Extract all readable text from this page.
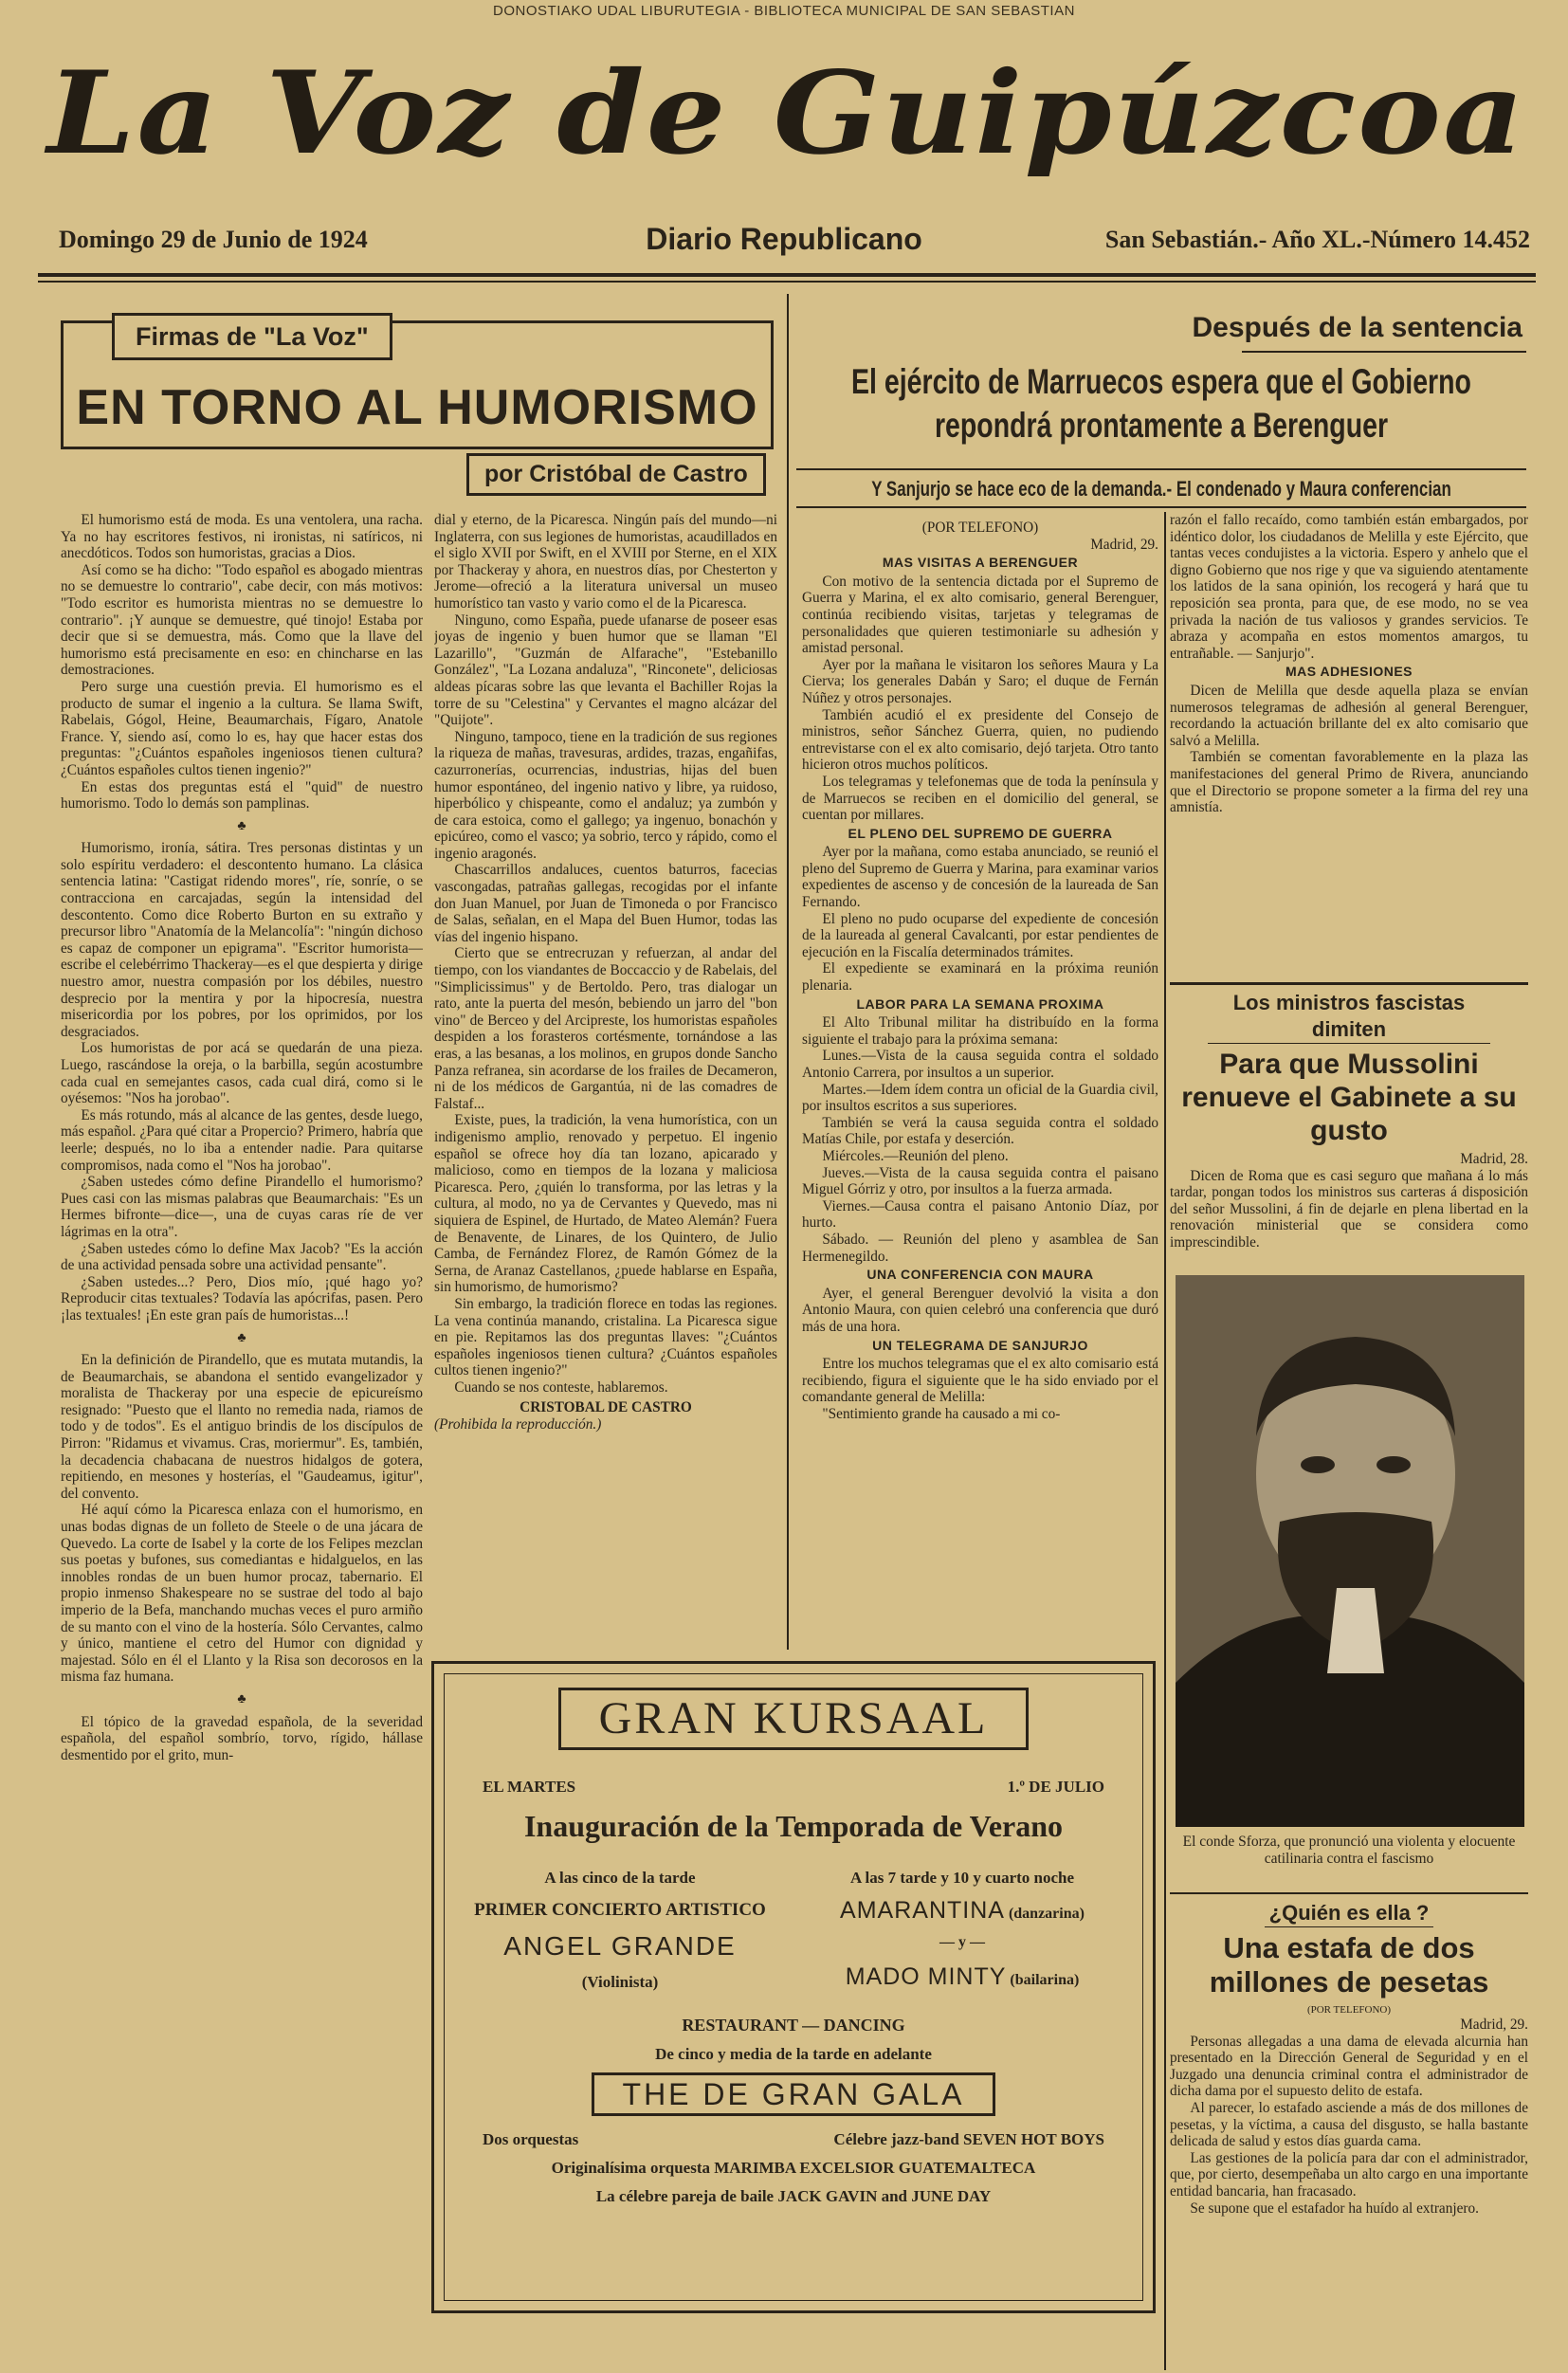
DONOSTIAKO UDAL LIBURUTEGIA - BIBLIOTECA MUNICIPAL DE SAN SEBASTIAN
La Voz de Guipúzcoa
Domingo 29 de Junio de 1924	Diario Republicano	San Sebastián.- Año XL.-Número 14.452
Firmas de "La Voz"
EN TORNO AL HUMORISMO
por Cristóbal de Castro

El humorismo está de moda. Es una ventolera, una racha. Ya no hay escritores festivos, ni ironistas, ni satíricos, ni anecdóticos. Todos son humoristas, gracias a Dios.

Así como se ha dicho: "Todo español es abogado mientras no se demuestre lo contrario", cabe decir, con más motivos: "Todo escritor es humorista mientras no se demuestre lo contrario". ¡Y aunque se demuestre, qué tinojo! Estaba por decir que si se demuestra, más. Como que la llave del humorismo está precisamente en eso: en chincharse en las demostraciones.

Pero surge una cuestión previa. El humorismo es el producto de sumar el ingenio a la cultura. Se llama Swift, Rabelais, Gógol, Heine, Beaumarchais, Fígaro, Anatole France. Y, siendo así, como lo es, hay que hacer estas dos preguntas: "¿Cuántos españoles ingeniosos tienen cultura? ¿Cuántos españoles cultos tienen ingenio?"

En estas dos preguntas está el "quid" de nuestro humorismo. Todo lo demás son pamplinas.

♣

Humorismo, ironía, sátira. Tres personas distintas y un solo espíritu verdadero: el descontento humano. La clásica sentencia latina: "Castigat ridendo mores", ríe, sonríe, o se contracciona en carcajadas, según la intensidad del descontento. Como dice Roberto Burton en su extraño y precursor libro "Anatomía de la Melancolía": "ningún dichoso es capaz de componer un epigrama". "Escritor humorista—escribe el celebérrimo Thackeray—es el que despierta y dirige nuestro amor, nuestra compasión por los débiles, nuestro desprecio por la mentira y por la hipocresía, nuestra misericordia por los pobres, por los oprimidos, por los desgraciados.

Los humoristas de por acá se quedarán de una pieza. Luego, rascándose la oreja, o la barbilla, según acostumbre cada cual en semejantes casos, cada cual dirá, como si le oyésemos: "Nos ha jorobao".

Es más rotundo, más al alcance de las gentes, desde luego, más español. ¿Para qué citar a Propercio? Primero, habría que leerle; después, no lo iba a entender nadie. Para quitarse compromisos, nada como el "Nos ha jorobao".

¿Saben ustedes cómo define Pirandello el humorismo? Pues casi con las mismas palabras que Beaumarchais: "Es un Hermes bifronte—dice—, una de cuyas caras ríe de ver lágrimas en la otra".

¿Saben ustedes cómo lo define Max Jacob? "Es la acción de una actividad pensada sobre una actividad pensante".

¿Saben ustedes...? Pero, Dios mío, ¡qué hago yo? Reproducir citas textuales? Todavía las apócrifas, pasen. Pero ¡las textuales! ¡En este gran país de humoristas...!

♣

En la definición de Pirandello, que es mutata mutandis, la de Beaumarchais, se abandona el sentido evangelizador y moralista de Thackeray por una especie de epicureísmo resignado: "Puesto que el llanto no remedia nada, riamos de todo y de todos". Es el antiguo brindis de los discípulos de Pirron: "Ridamus et vivamus. Cras, moriermur". Es, también, la decadencia chabacana de nuestros hidalgos de gotera, repitiendo, en mesones y hosterías, el "Gaudeamus, igitur", del convento.

Hé aquí cómo la Picaresca enlaza con el humorismo, en unas bodas dignas de un folleto de Steele o de una jácara de Quevedo. La corte de Isabel y la corte de los Felipes mezclan sus poetas y bufones, sus comediantas e hidalguelos, en las innobles rondas de un buen humor procaz, tabernario. El propio inmenso Shakespeare no se sustrae del todo al bajo imperio de la Befa, manchando muchas veces el puro armiño de su manto con el vino de la hostería. Sólo Cervantes, calmo y único, mantiene el cetro del Humor con dignidad y majestad. Sólo en él el Llanto y la Risa son decorosos en la misma faz humana.

♣

El tópico de la gravedad española, de la severidad española, del español sombrío, torvo, rígido, hállase desmentido por el grito, mun-

dial y eterno, de la Picaresca. Ningún país del mundo—ni Inglaterra, con sus legiones de humoristas, acaudillados en el siglo XVII por Swift, en el XVIII por Sterne, en el XIX por Thackeray y ahora, en nuestros días, por Chesterton y Jerome—ofreció a la literatura universal un museo humorístico tan vasto y vario como el de la Picaresca.

Ninguno, como España, puede ufanarse de poseer esas joyas de ingenio y buen humor que se llaman "El Lazarillo", "Guzmán de Alfarache", "Estebanillo González", "La Lozana andaluza", "Rinconete", deliciosas aldeas pícaras sobre las que levanta el Bachiller Rojas la torre de su "Celestina" y Cervantes el magno alcázar del "Quijote".

Ninguno, tampoco, tiene en la tradición de sus regiones la riqueza de mañas, travesuras, ardides, trazas, engañifas, cazurronerías, ocurrencias, industrias, hijas del buen humor espontáneo, del ingenio nativo y libre, ya ruidoso, hiperbólico y chispeante, como el andaluz; ya zumbón y de cara estoica, como el gallego; ya ingenuo, bonachón y epicúreo, como el vasco; ya sobrio, terco y rápido, como el ingenio aragonés.

Chascarrillos andaluces, cuentos baturros, facecias vascongadas, patrañas gallegas, recogidas por el infante don Juan Manuel, por Juan de Timoneda o por Francisco de Salas, señalan, en el Mapa del Buen Humor, todas las vías del ingenio hispano.

Cierto que se entrecruzan y refuerzan, al andar del tiempo, con los viandantes de Boccaccio y de Rabelais, del "Simplicissimus" y de Bertoldo. Pero, tras dialogar un rato, ante la puerta del mesón, bebiendo un jarro del "bon vino" de Berceo y del Arcipreste, los humoristas españoles despiden a los forasteros cortésmente, tornándose a las eras, a las besanas, a los molinos, en grupos donde Sancho Panza refranea, sin acordarse de los frailes de Decameron, ni de los médicos de Gargantúa, ni de las comadres de Falstaf...

Existe, pues, la tradición, la vena humorística, con un indigenismo amplio, renovado y perpetuo. El ingenio español se ofrece hoy día tan lozano, apicarado y malicioso, como en tiempos de la lozana y maliciosa Picaresca. Pero, ¿quién lo transforma, por las letras y la cultura, al modo, no ya de Cervantes y Quevedo, mas ni siquiera de Espinel, de Hurtado, de Mateo Alemán? Fuera de Benavente, de Linares, de los Quintero, de Julio Camba, de Fernández Florez, de Ramón Gómez de la Serna, de Aranaz Castellanos, ¿puede hablarse en España, sin humorismo, de humorismo?

Sin embargo, la tradición florece en todas las regiones. La vena continúa manando, cristalina. La Picaresca sigue en pie. Repitamos las dos preguntas llaves: "¿Cuántos españoles ingeniosos tienen cultura? ¿Cuántos españoles cultos tienen ingenio?"

Cuando se nos conteste, hablaremos.

CRISTOBAL DE CASTRO

(Prohibida la reproducción.)

GRAN KURSAAL
EL MARTES	1.º DE JULIO
Inauguración de la Temporada de Verano
A las cinco de la tarde	A las 7 tarde y 10 y cuarto noche
PRIMER CONCIERTO ARTISTICO	AMARANTINA (danzarina)
ANGEL GRANDE	— y —
(Violinista)	MADO MINTY (bailarina)
RESTAURANT — DANCING
De cinco y media de la tarde en adelante
THE DE GRAN GALA
Dos orquestas	Célebre jazz-band SEVEN HOT BOYS
Originalísima orquesta MARIMBA EXCELSIOR GUATEMALTECA
La célebre pareja de baile JACK GAVIN and JUNE DAY
Después de la sentencia
El ejército de Marruecos espera que el Gobierno repondrá prontamente a Berenguer
Y Sanjurjo se hace eco de la demanda.- El condenado y Maura conferencian

(POR TELEFONO)

Madrid, 29.

MAS VISITAS A BERENGUER

Con motivo de la sentencia dictada por el Supremo de Guerra y Marina, el ex alto comisario, general Berenguer, continúa recibiendo visitas, tarjetas y telegramas de personalidades que quieren testimoniarle su adhesión y amistad personal.

Ayer por la mañana le visitaron los señores Maura y La Cierva; los generales Dabán y Saro; el duque de Fernán Núñez y otros personajes.

También acudió el ex presidente del Consejo de ministros, señor Sánchez Guerra, quien, no pudiendo entrevistarse con el ex alto comisario, dejó tarjeta. Otro tanto hicieron otros muchos políticos.

Los telegramas y telefonemas que de toda la península y de Marruecos se reciben en el domicilio del general, se cuentan por millares.

EL PLENO DEL SUPREMO DE GUERRA

Ayer por la mañana, como estaba anunciado, se reunió el pleno del Supremo de Guerra y Marina, para examinar varios expedientes de ascenso y de concesión de la laureada de San Fernando.

El pleno no pudo ocuparse del expediente de concesión de la laureada al general Cavalcanti, por estar pendientes de ejecución en la Fiscalía determinados trámites.

El expediente se examinará en la próxima reunión plenaria.

LABOR PARA LA SEMANA PROXIMA

El Alto Tribunal militar ha distribuído en la forma siguiente el trabajo para la próxima semana:

Lunes.—Vista de la causa seguida contra el soldado Antonio Carrera, por insultos a un superior.

Martes.—Idem ídem contra un oficial de la Guardia civil, por insultos escritos a sus superiores.

También se verá la causa seguida contra el soldado Matías Chile, por estafa y deserción.

Miércoles.—Reunión del pleno.

Jueves.—Vista de la causa seguida contra el paisano Miguel Górriz y otro, por insultos a la fuerza armada.

Viernes.—Causa contra el paisano Antonio Díaz, por hurto.

Sábado. — Reunión del pleno y asamblea de San Hermenegildo.

UNA CONFERENCIA CON MAURA

Ayer, el general Berenguer devolvió la visita a don Antonio Maura, con quien celebró una conferencia que duró más de una hora.

UN TELEGRAMA DE SANJURJO

Entre los muchos telegramas que el ex alto comisario está recibiendo, figura el siguiente que le ha sido enviado por el comandante general de Melilla:

"Sentimiento grande ha causado a mi co-

razón el fallo recaído, como también están embargados, por idéntico dolor, los ciudadanos de Melilla y este Ejército, que tantas veces condujistes a la victoria. Espero y anhelo que el digno Gobierno que nos rige y que va siguiendo atentamente los latidos de la sana opinión, los recogerá y hará que tu reposición sea pronta, para que, de ese modo, no se vea privada la nación de tus valiosos y grandes servicios. Te abraza y acompaña en estos momentos amargos, tu entrañable. — Sanjurjo".

MAS ADHESIONES

Dicen de Melilla que desde aquella plaza se envían numerosos telegramas de adhesión al general Berenguer, recordando la actuación brillante del ex alto comisario que salvó a Melilla.

También se comentan favorablemente en la plaza las manifestaciones del general Primo de Rivera, anunciando que el Directorio se propone someter a la firma del rey una amnistía.

Los ministros fascistas dimiten
Para que Mussolini renueve el Gabinete a su gusto

Madrid, 28.

Dicen de Roma que es casi seguro que mañana á lo más tardar, pongan todos los ministros sus carteras á disposición del señor Mussolini, á fin de dejarle en plena libertad en la renovación ministerial que se considera como imprescindible.

El conde Sforza, que pronunció una violenta y elocuente catilinaria contra el fascismo
¿Quién es ella ?
Una estafa de dos millones de pesetas

(POR TELEFONO)

Madrid, 29.

Personas allegadas a una dama de elevada alcurnia han presentado en la Dirección General de Seguridad y en el Juzgado una denuncia criminal contra el administrador de dicha dama por el supuesto delito de estafa.

Al parecer, lo estafado asciende a más de dos millones de pesetas, y la víctima, a causa del disgusto, se halla bastante delicada de salud y estos días guarda cama.

Las gestiones de la policía para dar con el administrador, que, por cierto, desempeñaba un alto cargo en una importante entidad bancaria, han fracasado.

Se supone que el estafador ha huído al extranjero.
